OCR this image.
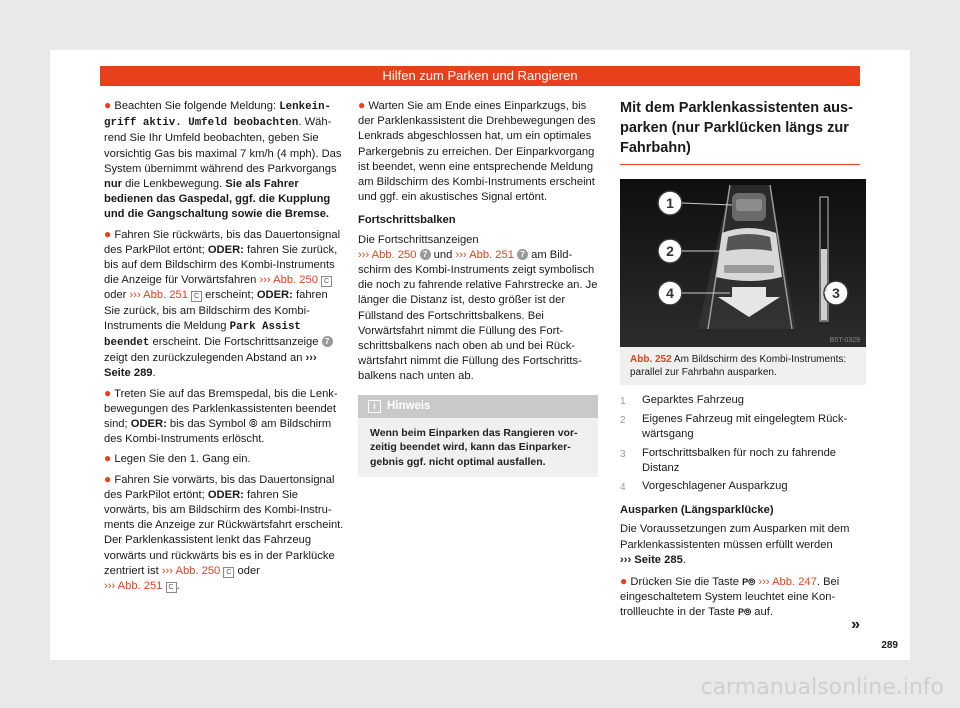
Hilfen zum Parken und Rangieren

● Beachten Sie folgende Meldung: Lenkeingriff aktiv. Umfeld beobachten. Während Sie Ihr Umfeld beobachten, geben Sie vorsichtig Gas bis maximal 7 km/h (4 mph). Das System übernimmt während des Parkvorgangs nur die Lenkbewegung. Sie als Fahrer bedienen das Gaspedal, ggf. die Kupplung und die Gangschaltung sowie die Bremse.

● Fahren Sie rückwärts, bis das Dauertonsignal des ParkPilot ertönt; ODER: fahren Sie zurück, bis auf dem Bildschirm des Kombi-Instruments die Anzeige für Vorwärtsfahren ››› Abb. 250 C oder ››› Abb. 251 C erscheint; ODER: fahren Sie zurück, bis am Bildschirm des Kombi-Instruments die Meldung Park Assist beendet erscheint. Die Fortschrittsanzeige 7 zeigt den zurückzulegenden Abstand an ››› Seite 289.

● Treten Sie auf das Bremspedal, bis die Lenkbewegungen des Parklenkassistenten beendet sind; ODER: bis das Symbol ⦾ am Bildschirm des Kombi-Instruments erlöscht.

● Legen Sie den 1. Gang ein.

● Fahren Sie vorwärts, bis das Dauertonsignal des ParkPilot ertönt; ODER: fahren Sie vorwärts, bis am Bildschirm des Kombi-Instruments die Anzeige zur Rückwärtsfahrt erscheint. Der Parklenkassistent lenkt das Fahrzeug vorwärts und rückwärts bis es in der Parklücke zentriert ist ››› Abb. 250 C oder
››› Abb. 251 C .

● Warten Sie am Ende eines Einparkzugs, bis der Parklenkassistent die Drehbewegungen des Lenkrads abgeschlossen hat, um ein optimales Parkergebnis zu erreichen. Der Einparkvorgang ist beendet, wenn eine entsprechende Meldung am Bildschirm des Kombi-Instruments erscheint und ggf. ein akustisches Signal ertönt.

Fortschrittsbalken

Die Fortschrittsanzeigen
››› Abb. 250 7 und ››› Abb. 251 7 am Bildschirm des Kombi-Instruments zeigt symbolisch die noch zu fahrende relative Fahrstrecke an. Je länger die Distanz ist, desto größer ist der Füllstand des Fortschrittsbalkens. Bei Vorwärtsfahrt nimmt die Füllung des Fortschrittsbalkens nach oben ab und bei Rückwärtsfahrt nimmt die Füllung des Fortschrittsbalkens nach unten ab.

i Hinweis
Wenn beim Einparken das Rangieren vorzeitig beendet wird, kann das Einparkergebnis ggf. nicht optimal ausfallen.
Mit dem Parklenkassistenten ausparken (nur Parklücken längs zur Fahrbahn)
1
2
4	3
B5T-0329
Abb. 252 Am Bildschirm des Kombi-Instruments: parallel zur Fahrbahn ausparken.
1	Geparktes Fahrzeug
2	Eigenes Fahrzeug mit eingelegtem Rückwärtsgang
3	Fortschrittsbalken für noch zu fahrende Distanz
4	Vorgeschlagener Ausparkzug

Ausparken (Längsparklücke)

Die Voraussetzungen zum Ausparken mit dem Parklenkassistenten müssen erfüllt werden
››› Seite 285.

● Drücken Sie die Taste P⦾ ››› Abb. 247. Bei eingeschaltetem System leuchtet eine Kontrollleuchte in der Taste P⦾ auf.

»
289
carmanualsonline.info
